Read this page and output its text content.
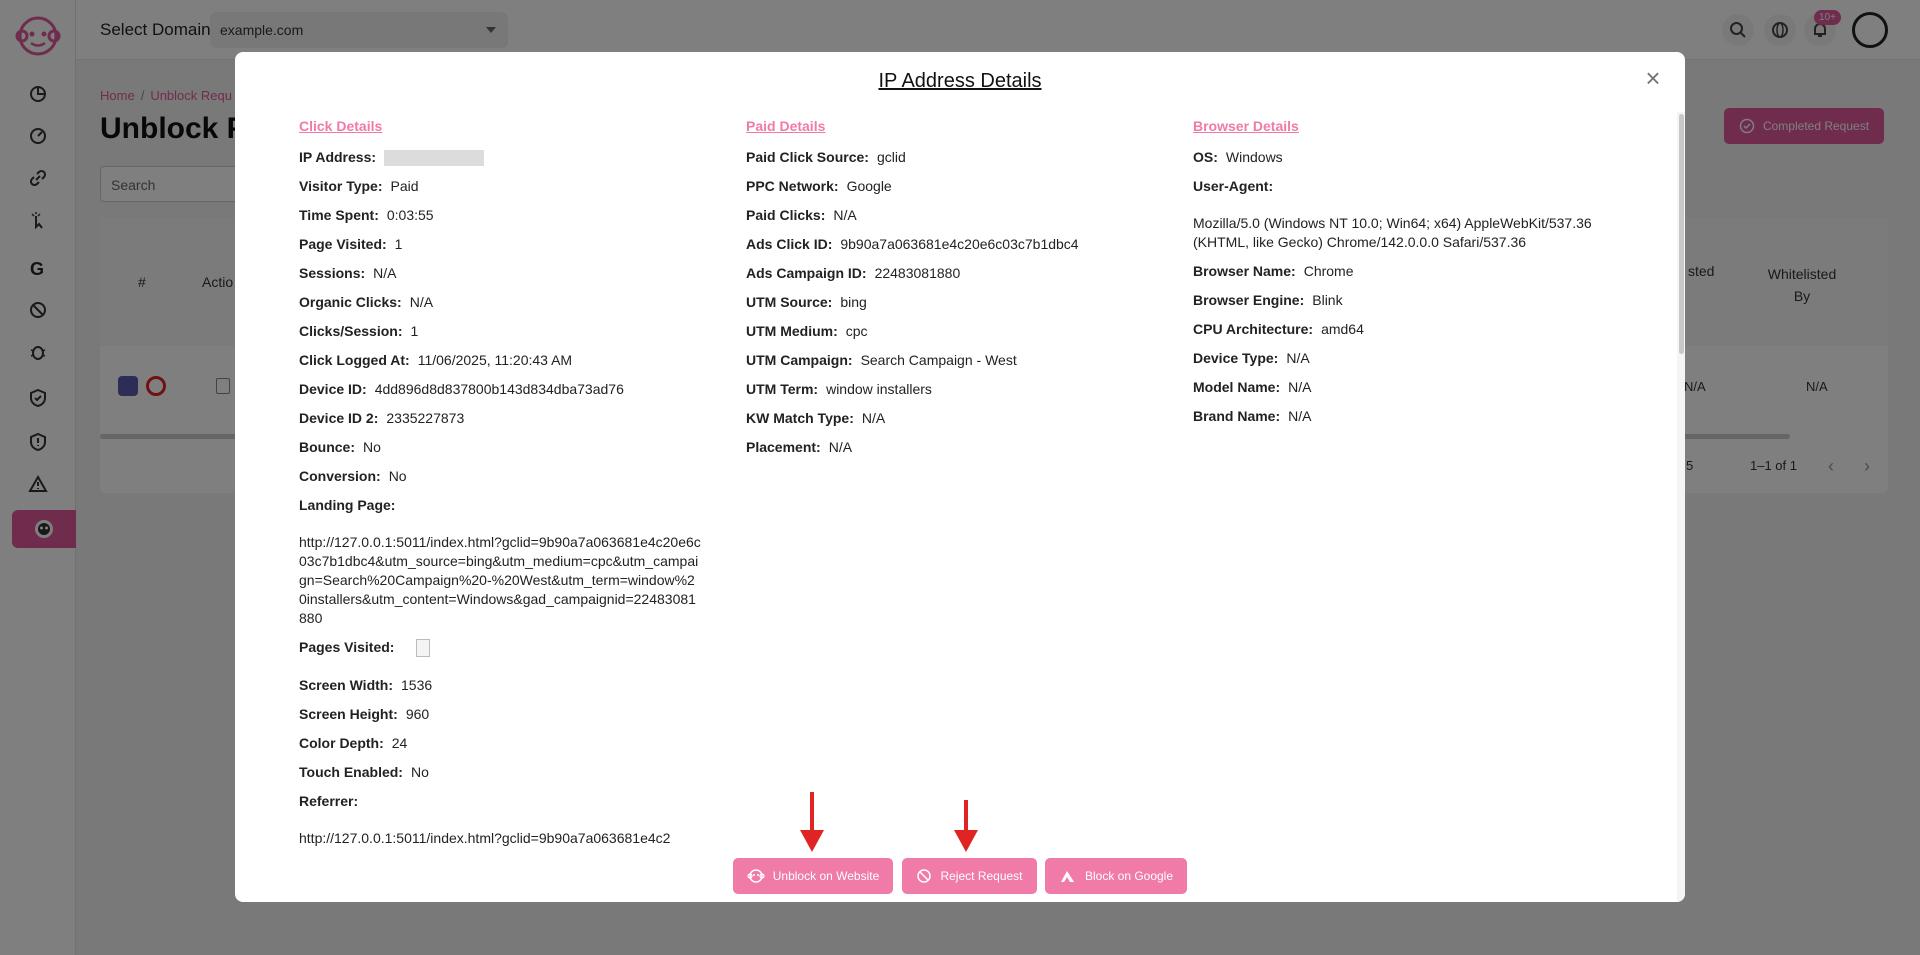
IP Address Details	×
Click Details
IP Address:
Visitor Type: Paid
Time Spent: 0:03:55
Page Visited: 1
Sessions: N/A
Organic Clicks: N/A
Clicks/Session: 1
Click Logged At: 11/06/2025, 11:20:43 AM
Device ID: 4dd896d8d837800b143d834dba73ad76
Device ID 2: 2335227873
Bounce: No
Conversion: No
Landing Page:
http://127.0.0.1:5011/index.html?gclid=9b90a7a063681e4c20e6c03c7b1dbc4&utm_source=bing&utm_medium=cpc&utm_campaign=Search%20Campaign%20-%20West&utm_term=window%20installers&utm_content=Windows&gad_campaignid=22483081880
Pages Visited:
Screen Width: 1536
Screen Height: 960
Color Depth: 24
Touch Enabled: No
Referrer:
http://127.0.0.1:5011/index.html?gclid=9b90a7a063681e4c2
Paid Details
Paid Click Source: gclid
PPC Network: Google
Paid Clicks: N/A
Ads Click ID: 9b90a7a063681e4c20e6c03c7b1dbc4
Ads Campaign ID: 22483081880
UTM Source: bing
UTM Medium: cpc
UTM Campaign: Search Campaign - West
UTM Term: window installers
KW Match Type: N/A
Placement: N/A
Browser Details
OS: Windows
User-Agent:
Mozilla/5.0 (Windows NT 10.0; Win64; x64) AppleWebKit/537.36 (KHTML, like Gecko) Chrome/142.0.0.0 Safari/537.36
Browser Name: Chrome
Browser Engine: Blink
CPU Architecture: amd64
Device Type: N/A
Model Name: N/A
Brand Name: N/A
Unblock on Website	Reject Request	Block on Google
